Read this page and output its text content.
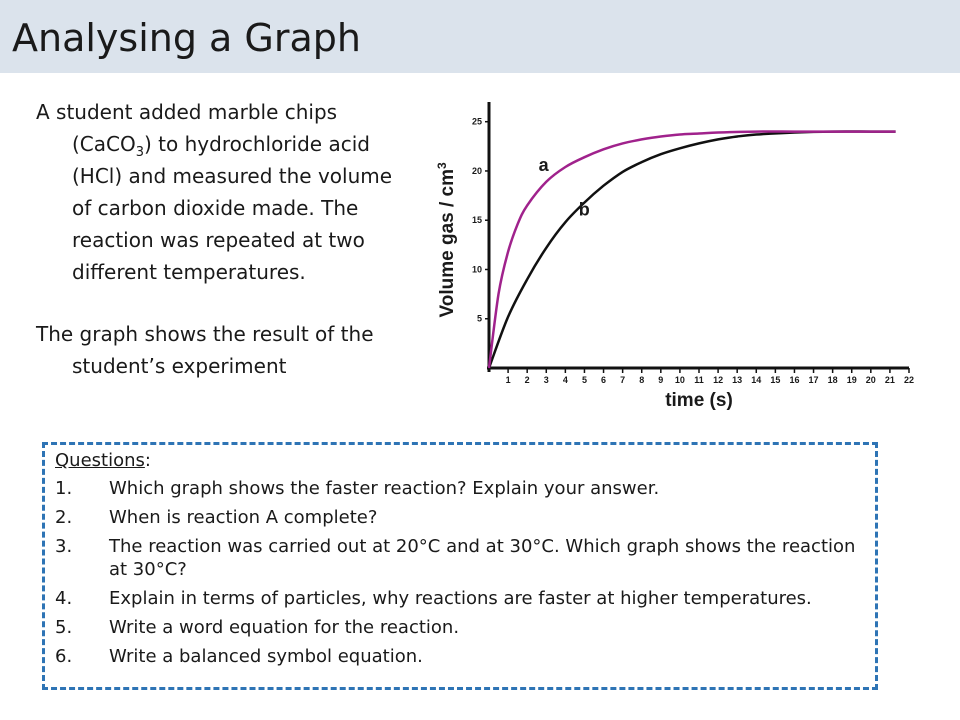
Analysing a Graph

A student added marble chips (CaCO$_3$) to hydrochloride acid (HCl) and measured the volume of carbon dioxide made. The reaction was repeated at two different temperatures.

The graph shows the result of the student’s experiment

5
10
15
20
25
1 2 3 4 5 6 7 8 9 10 11 12 13 14 15 16 17 18 19 20 21 22
a
b
time (s)
Volume gas / $cm^3$
Questions:
1.	Which graph shows the faster reaction? Explain your answer.
2.	When is reaction A complete?
3.	The reaction was carried out at 20°C and at 30°C. Which graph shows the reaction at 30°C?
4.	Explain in terms of particles, why reactions are faster at higher temperatures.
5.	Write a word equation for the reaction.
6.	Write a balanced symbol equation.
